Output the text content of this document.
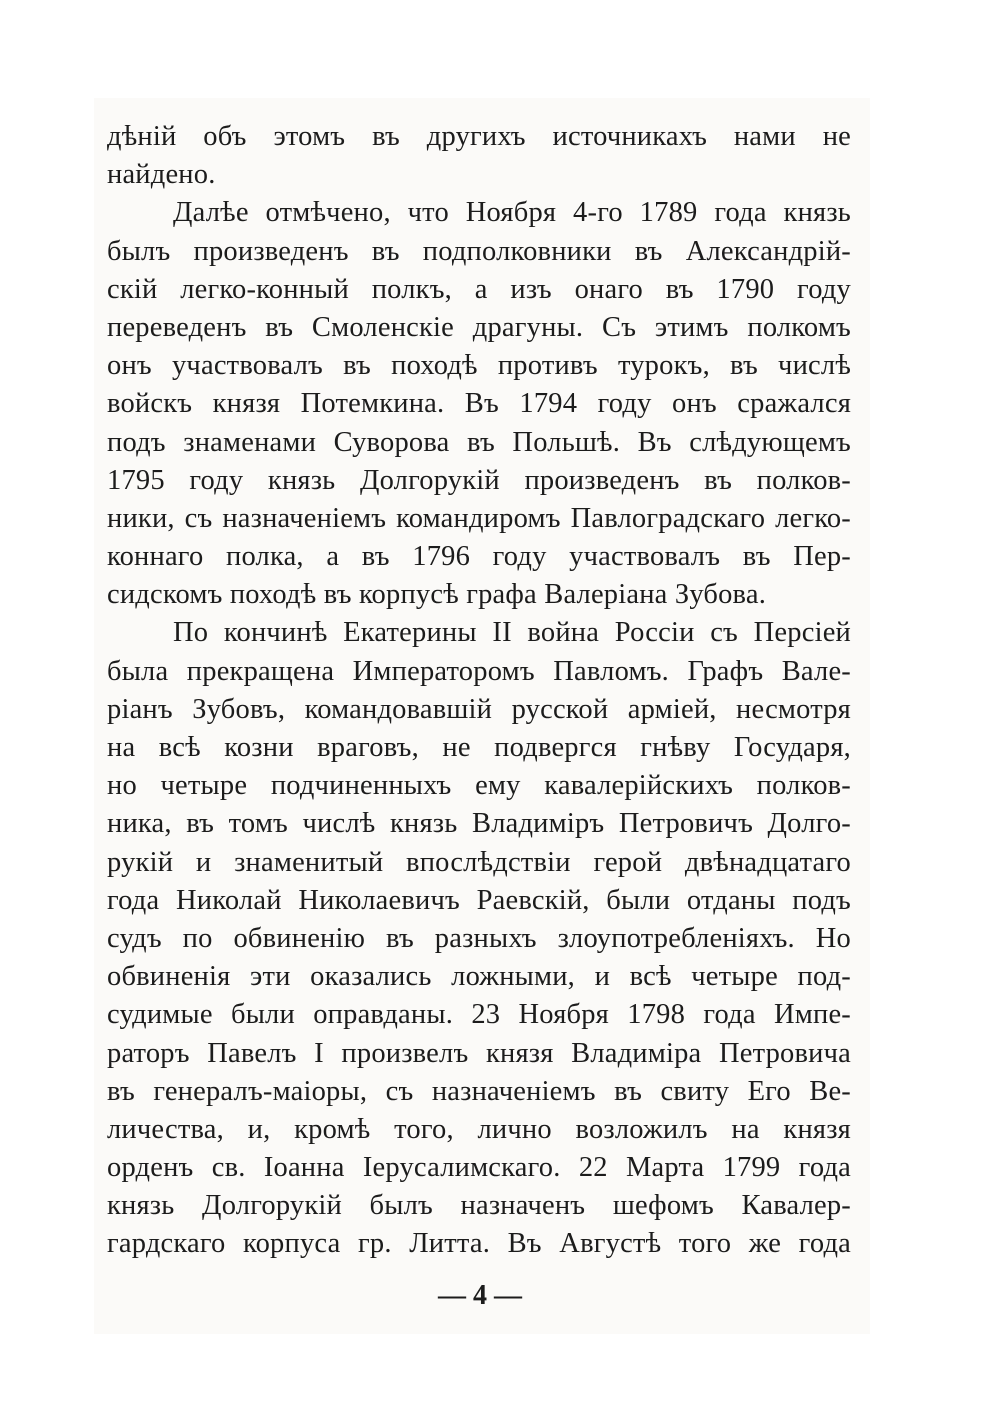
дѣній объ этомъ въ другихъ источникахъ нами не
найдено.
Далѣе отмѣчено, что Ноября 4-го 1789 года князь
былъ произведенъ въ подполковники въ Александрій-
скій легко-конный полкъ, а изъ онаго въ 1790 году
переведенъ въ Смоленскіе драгуны. Съ этимъ полкомъ
онъ участвовалъ въ походѣ противъ турокъ, въ числѣ
войскъ князя Потемкина. Въ 1794 году онъ сражался
подъ знаменами Суворова въ Польшѣ. Въ слѣдующемъ
1795 году князь Долгорукій произведенъ въ полков-
ники, съ назначеніемъ командиромъ Павлоградскаго легко-
коннаго полка, а въ 1796 году участвовалъ въ Пер-
сидскомъ походѣ въ корпусѣ графа Валеріана Зубова.
По кончинѣ Екатерины II война Россіи съ Персіей
была прекращена Императоромъ Павломъ. Графъ Вале-
ріанъ Зубовъ, командовавшій русской арміей, несмотря
на всѣ козни враговъ, не подвергся гнѣву Государя,
но четыре подчиненныхъ ему кавалерійскихъ полков-
ника, въ томъ числѣ князь Владиміръ Петровичъ Долго-
рукій и знаменитый впослѣдствіи герой двѣнадцатаго
года Николай Николаевичъ Раевскій, были отданы подъ
судъ по обвиненію въ разныхъ злоупотребленіяхъ. Но
обвиненія эти оказались ложными, и всѣ четыре под-
судимые были оправданы. 23 Ноября 1798 года Импе-
раторъ Павелъ I произвелъ князя Владиміра Петровича
въ генералъ-маіоры, съ назначеніемъ въ свиту Его Ве-
личества, и, кромѣ того, лично возложилъ на князя
орденъ св. Іоанна Іерусалимскаго. 22 Марта 1799 года
князь Долгорукій былъ назначенъ шефомъ Кавалер-
гардскаго корпуса гр. Литта. Въ Августѣ того же года
— 4 —
